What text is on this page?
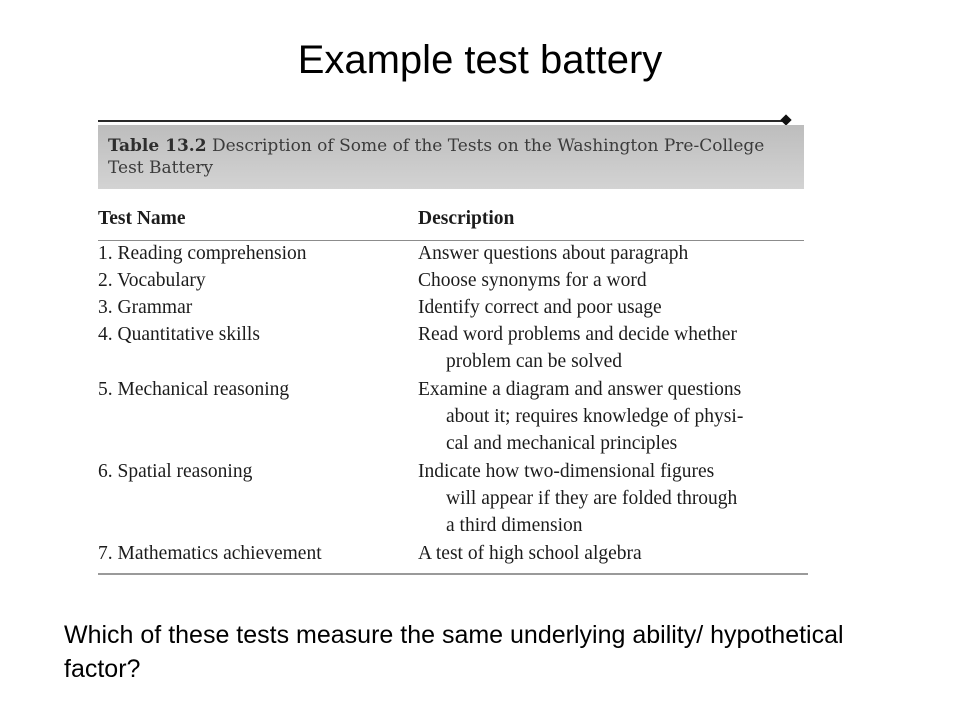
Example test battery
Table 13.2 Description of Some of the Tests on the Washington Pre-College Test Battery
Test Name	Description
1. Reading comprehension	Answer questions about paragraph
2. Vocabulary	Choose synonyms for a word
3. Grammar	Identify correct and poor usage
4. Quantitative skills	Read word problems and decide whether
problem can be solved
5. Mechanical reasoning	Examine a diagram and answer questions
about it; requires knowledge of physi-
cal and mechanical principles
6. Spatial reasoning	Indicate how two-dimensional figures
will appear if they are folded through
a third dimension
7. Mathematics achievement	A test of high school algebra
Which of these tests measure the same underlying ability/ hypothetical factor?
